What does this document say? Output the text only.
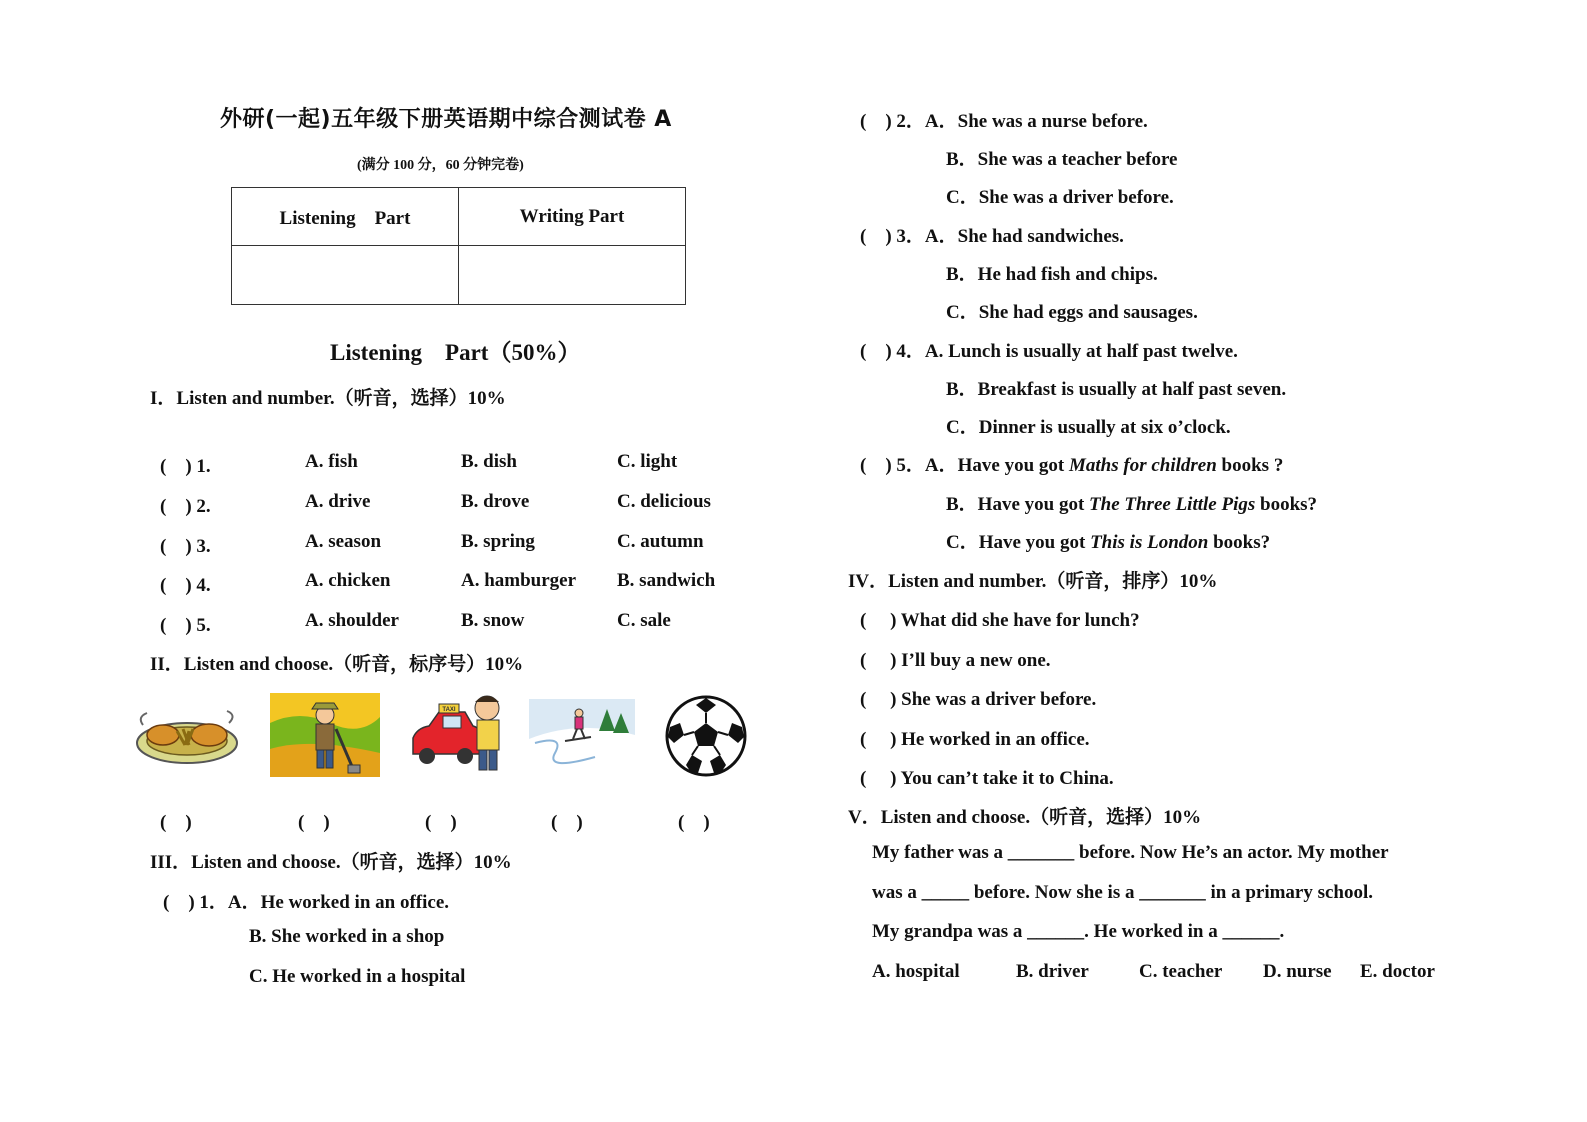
外研(一起)五年级下册英语期中综合测试卷 A
(满分 100 分，60 分钟完卷)
Listening　Part	Writing Part

Listening　Part（50%）
I．Listen and number.（听音，选择）10%
(　) 1.	A. fish	B. dish	C. light
(　) 2.	A. drive	B. drove	C. delicious
(　) 3.	A. season	B. spring	C. autumn
(　) 4.	A. chicken	A. hamburger B. sandwich
(　) 5.	A. shoulder	B. snow	C. sale
II．Listen and choose.（听音，标序号）10%
TAXI
(　)	(　)	(　)	(　)	(　)
III．Listen and choose.（听音，选择）10%
(　) 1．A．He worked in an office.
B. She worked in a shop
C. He worked in a hospital
(　) 2．A．She was a nurse before.
B．She was a teacher before
C．She was a driver before.
(　) 3．A．She had sandwiches.
B．He had fish and chips.
C．She had eggs and sausages.
(　) 4．A. Lunch is usually at half past twelve.
B．Breakfast is usually at half past seven.
C．Dinner is usually at six o’clock.
(　) 5．A．Have you got Maths for children books ?
B．Have you got The Three Little Pigs books?
C．Have you got This is London books?
IV．Listen and number.（听音，排序）10%
(　 ) What did she have for lunch?
(　 ) I’ll buy a new one.
(　 ) She was a driver before.
(　 ) He worked in an office.
(　 ) You can’t take it to China.
V．Listen and choose.（听音，选择）10%
My father was a _______ before. Now He’s an actor. My mother
was a _____ before. Now she is a _______ in a primary school.
My grandpa was a ______. He worked in a ______.
A. hospital	B. driver	C. teacher D. nurse E. doctor
